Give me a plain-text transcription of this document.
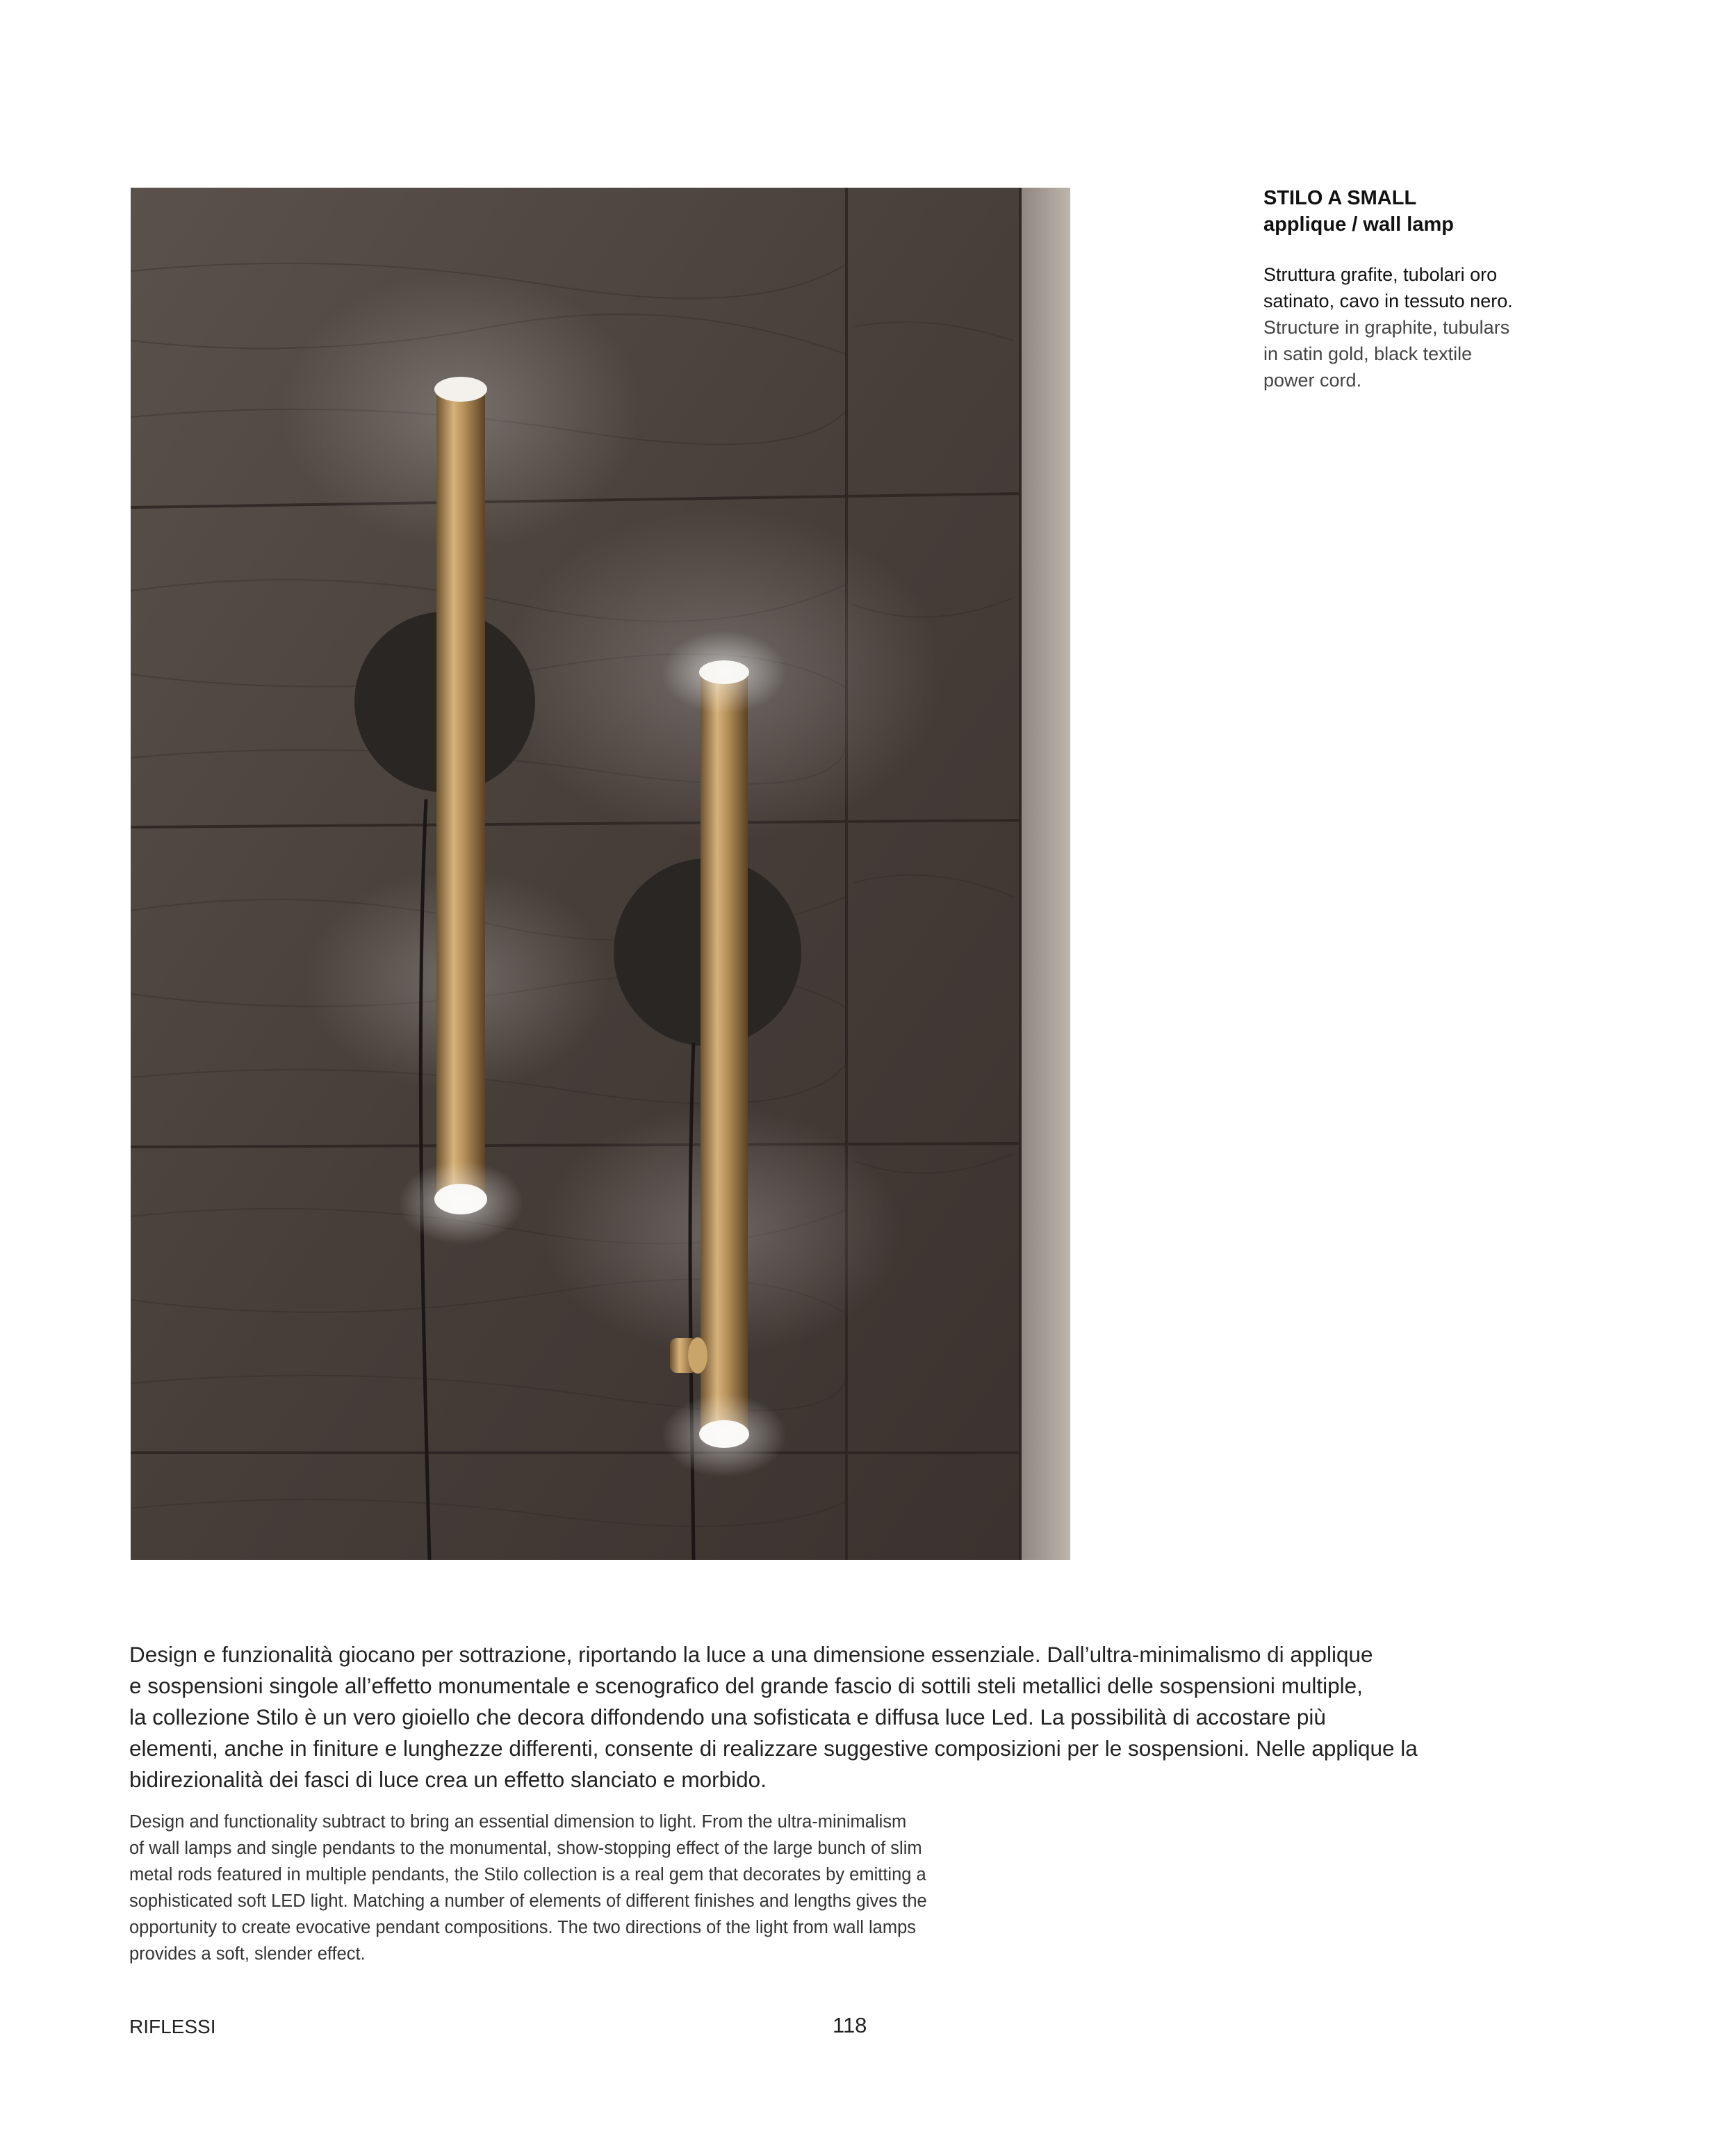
STILO A SMALL

applique / wall lamp

Struttura grafite, tubolari oro
satinato, cavo in tessuto nero.

Structure in graphite, tubulars
in satin gold, black textile
power cord.

Design e funzionalità giocano per sottrazione, riportando la luce a una dimensione essenziale. Dall’ultra-minimalismo di applique
e sospensioni singole all’effetto monumentale e scenografico del grande fascio di sottili steli metallici delle sospensioni multiple,
la collezione Stilo è un vero gioiello che decora diffondendo una sofisticata e diffusa luce Led. La possibilità di accostare più
elementi, anche in finiture e lunghezze differenti, consente di realizzare suggestive composizioni per le sospensioni. Nelle applique la
bidirezionalità dei fasci di luce crea un effetto slanciato e morbido.

Design and functionality subtract to bring an essential dimension to light. From the ultra-minimalism
of wall lamps and single pendants to the monumental, show-stopping effect of the large bunch of slim
metal rods featured in multiple pendants, the Stilo collection is a real gem that decorates by emitting a
sophisticated soft LED light. Matching a number of elements of different finishes and lengths gives the
opportunity to create evocative pendant compositions. The two directions of the light from wall lamps
provides a soft, slender effect.

RIFLESSI	118
